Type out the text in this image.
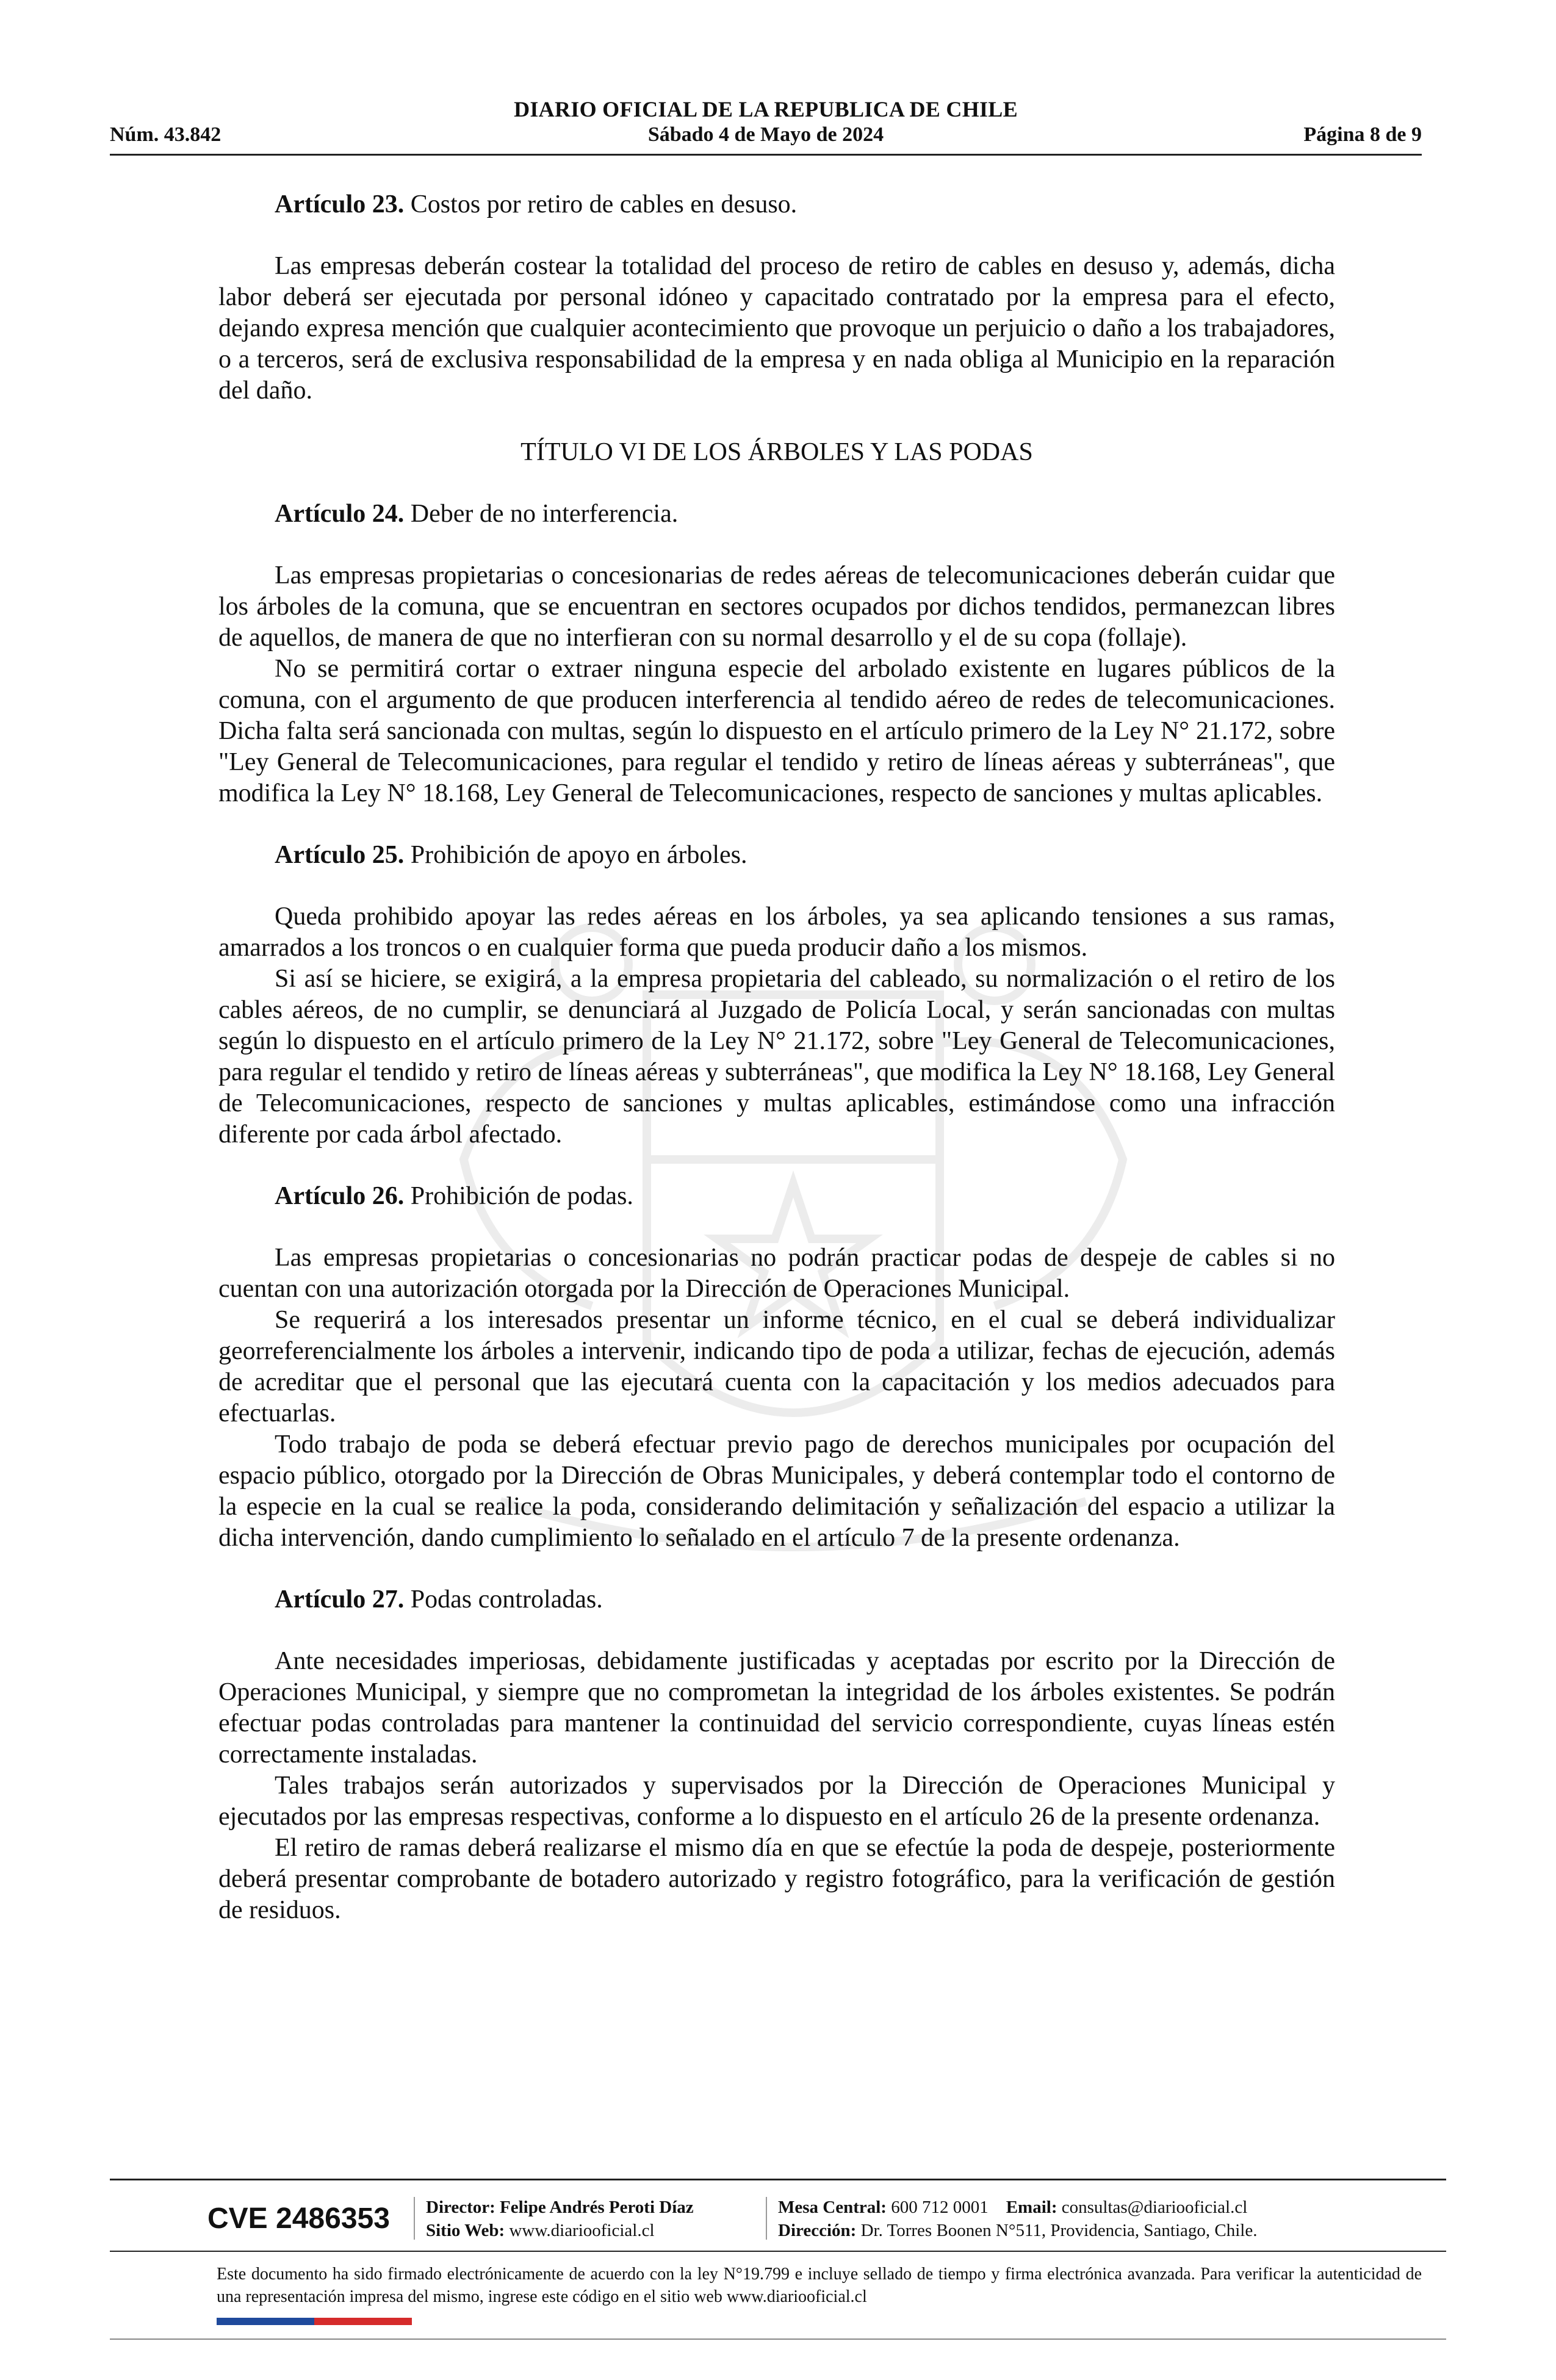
DIARIO OFICIAL DE LA REPUBLICA DE CHILE
Núm. 43.842	Sábado 4 de Mayo de 2024	Página 8 de 9

Artículo 23. Costos por retiro de cables en desuso.

Las empresas deberán costear la totalidad del proceso de retiro de cables en desuso y, además, dicha labor deberá ser ejecutada por personal idóneo y capacitado contratado por la empresa para el efecto, dejando expresa mención que cualquier acontecimiento que provoque un perjuicio o daño a los trabajadores, o a terceros, será de exclusiva responsabilidad de la empresa y en nada obliga al Municipio en la reparación del daño.

TÍTULO VI DE LOS ÁRBOLES Y LAS PODAS

Artículo 24. Deber de no interferencia.

Las empresas propietarias o concesionarias de redes aéreas de telecomunicaciones deberán cuidar que los árboles de la comuna, que se encuentran en sectores ocupados por dichos tendidos, permanezcan libres de aquellos, de manera de que no interfieran con su normal desarrollo y el de su copa (follaje).

No se permitirá cortar o extraer ninguna especie del arbolado existente en lugares públicos de la comuna, con el argumento de que producen interferencia al tendido aéreo de redes de telecomunicaciones. Dicha falta será sancionada con multas, según lo dispuesto en el artículo primero de la Ley N° 21.172, sobre "Ley General de Telecomunicaciones, para regular el tendido y retiro de líneas aéreas y subterráneas", que modifica la Ley N° 18.168, Ley General de Telecomunicaciones, respecto de sanciones y multas aplicables.

Artículo 25. Prohibición de apoyo en árboles.

Queda prohibido apoyar las redes aéreas en los árboles, ya sea aplicando tensiones a sus ramas, amarrados a los troncos o en cualquier forma que pueda producir daño a los mismos.

Si así se hiciere, se exigirá, a la empresa propietaria del cableado, su normalización o el retiro de los cables aéreos, de no cumplir, se denunciará al Juzgado de Policía Local, y serán sancionadas con multas según lo dispuesto en el artículo primero de la Ley N° 21.172, sobre "Ley General de Telecomunicaciones, para regular el tendido y retiro de líneas aéreas y subterráneas", que modifica la Ley N° 18.168, Ley General de Telecomunicaciones, respecto de sanciones y multas aplicables, estimándose como una infracción diferente por cada árbol afectado.

Artículo 26. Prohibición de podas.

Las empresas propietarias o concesionarias no podrán practicar podas de despeje de cables si no cuentan con una autorización otorgada por la Dirección de Operaciones Municipal.

Se requerirá a los interesados presentar un informe técnico, en el cual se deberá individualizar georreferencialmente los árboles a intervenir, indicando tipo de poda a utilizar, fechas de ejecución, además de acreditar que el personal que las ejecutará cuenta con la capacitación y los medios adecuados para efectuarlas.

Todo trabajo de poda se deberá efectuar previo pago de derechos municipales por ocupación del espacio público, otorgado por la Dirección de Obras Municipales, y deberá contemplar todo el contorno de la especie en la cual se realice la poda, considerando delimitación y señalización del espacio a utilizar la dicha intervención, dando cumplimiento lo señalado en el artículo 7 de la presente ordenanza.

Artículo 27. Podas controladas.

Ante necesidades imperiosas, debidamente justificadas y aceptadas por escrito por la Dirección de Operaciones Municipal, y siempre que no comprometan la integridad de los árboles existentes. Se podrán efectuar podas controladas para mantener la continuidad del servicio correspondiente, cuyas líneas estén correctamente instaladas.

Tales trabajos serán autorizados y supervisados por la Dirección de Operaciones Municipal y ejecutados por las empresas respectivas, conforme a lo dispuesto en el artículo 26 de la presente ordenanza.

El retiro de ramas deberá realizarse el mismo día en que se efectúe la poda de despeje, posteriormente deberá presentar comprobante de botadero autorizado y registro fotográfico, para la verificación de gestión de residuos.

CVE 2486353 Director: Felipe Andrés Peroti Díaz
Sitio Web: www.diariooficial.cl
Mesa Central: 600 712 0001 Email: consultas@diariooficial.cl
Dirección: Dr. Torres Boonen N°511, Providencia, Santiago, Chile.
Este documento ha sido firmado electrónicamente de acuerdo con la ley N°19.799 e incluye sellado de tiempo y firma electrónica avanzada. Para verificar la autenticidad de una representación impresa del mismo, ingrese este código en el sitio web www.diariooficial.cl
